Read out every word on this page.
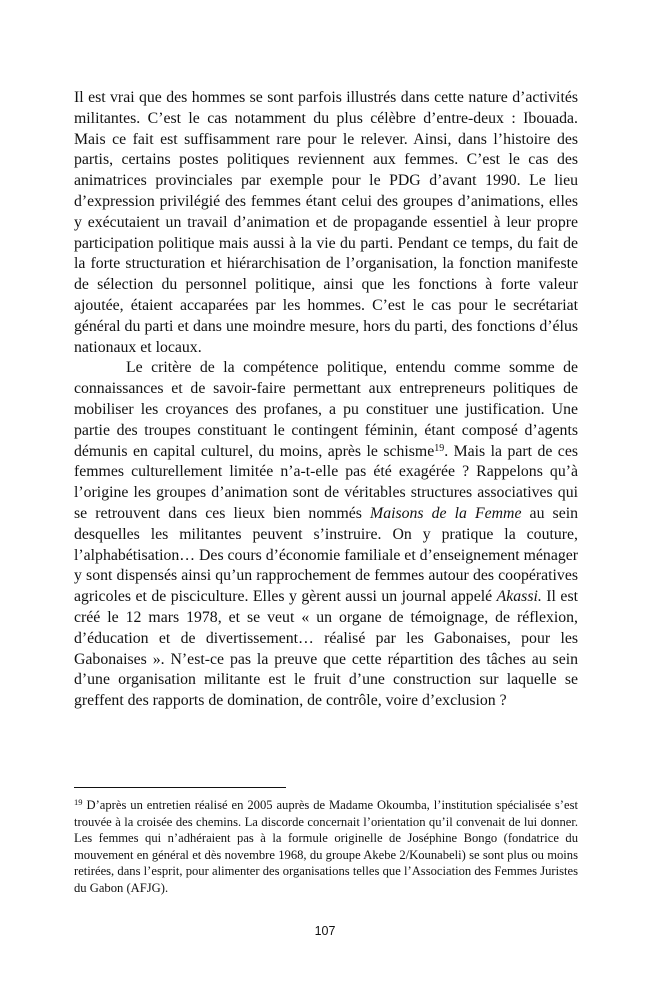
Il est vrai que des hommes se sont parfois illustrés dans cette nature d’activités militantes. C’est le cas notamment du plus célèbre d’entre-deux : Ibouada. Mais ce fait est suffisamment rare pour le relever. Ainsi, dans l’histoire des partis, certains postes politiques reviennent aux femmes. C’est le cas des animatrices provinciales par exemple pour le PDG d’avant 1990. Le lieu d’expression privilégié des femmes étant celui des groupes d’animations, elles y exécutaient un travail d’animation et de propagande essentiel à leur propre participation politique mais aussi à la vie du parti. Pendant ce temps, du fait de la forte structuration et hiérarchisation de l’organisation, la fonction manifeste de sélection du personnel politique, ainsi que les fonctions à forte valeur ajoutée, étaient accaparées par les hommes. C’est le cas pour le secrétariat général du parti et dans une moindre mesure, hors du parti, des fonctions d’élus nationaux et locaux.

Le critère de la compétence politique, entendu comme somme de connaissances et de savoir-faire permettant aux entrepreneurs politiques de mobiliser les croyances des profanes, a pu constituer une justification. Une partie des troupes constituant le contingent féminin, étant composé d’agents démunis en capital culturel, du moins, après le schisme$^{19}$. Mais la part de ces femmes culturellement limitée n’a-t-elle pas été exagérée ? Rappelons qu’à l’origine les groupes d’animation sont de véritables structures associatives qui se retrouvent dans ces lieux bien nommés Maisons de la Femme au sein desquelles les militantes peuvent s’instruire. On y pratique la couture, l’alphabétisation… Des cours d’économie familiale et d’enseignement ménager y sont dispensés ainsi qu’un rapprochement de femmes autour des coopératives agricoles et de pisciculture. Elles y gèrent aussi un journal appelé Akassi. Il est créé le 12 mars 1978, et se veut « un organe de témoignage, de réflexion, d’éducation et de divertissement… réalisé par les Gabonaises, pour les Gabonaises ». N’est-ce pas la preuve que cette répartition des tâches au sein d’une organisation militante est le fruit d’une construction sur laquelle se greffent des rapports de domination, de contrôle, voire d’exclusion ?

$^{19}$ D’après un entretien réalisé en 2005 auprès de Madame Okoumba, l’institution spécialisée s’est trouvée à la croisée des chemins. La discorde concernait l’orientation qu’il convenait de lui donner. Les femmes qui n’adhéraient pas à la formule originelle de Joséphine Bongo (fondatrice du mouvement en général et dès novembre 1968, du groupe Akebe 2/Kounabeli) se sont plus ou moins retirées, dans l’esprit, pour alimenter des organisations telles que l’Association des Femmes Juristes du Gabon (AFJG).

107
